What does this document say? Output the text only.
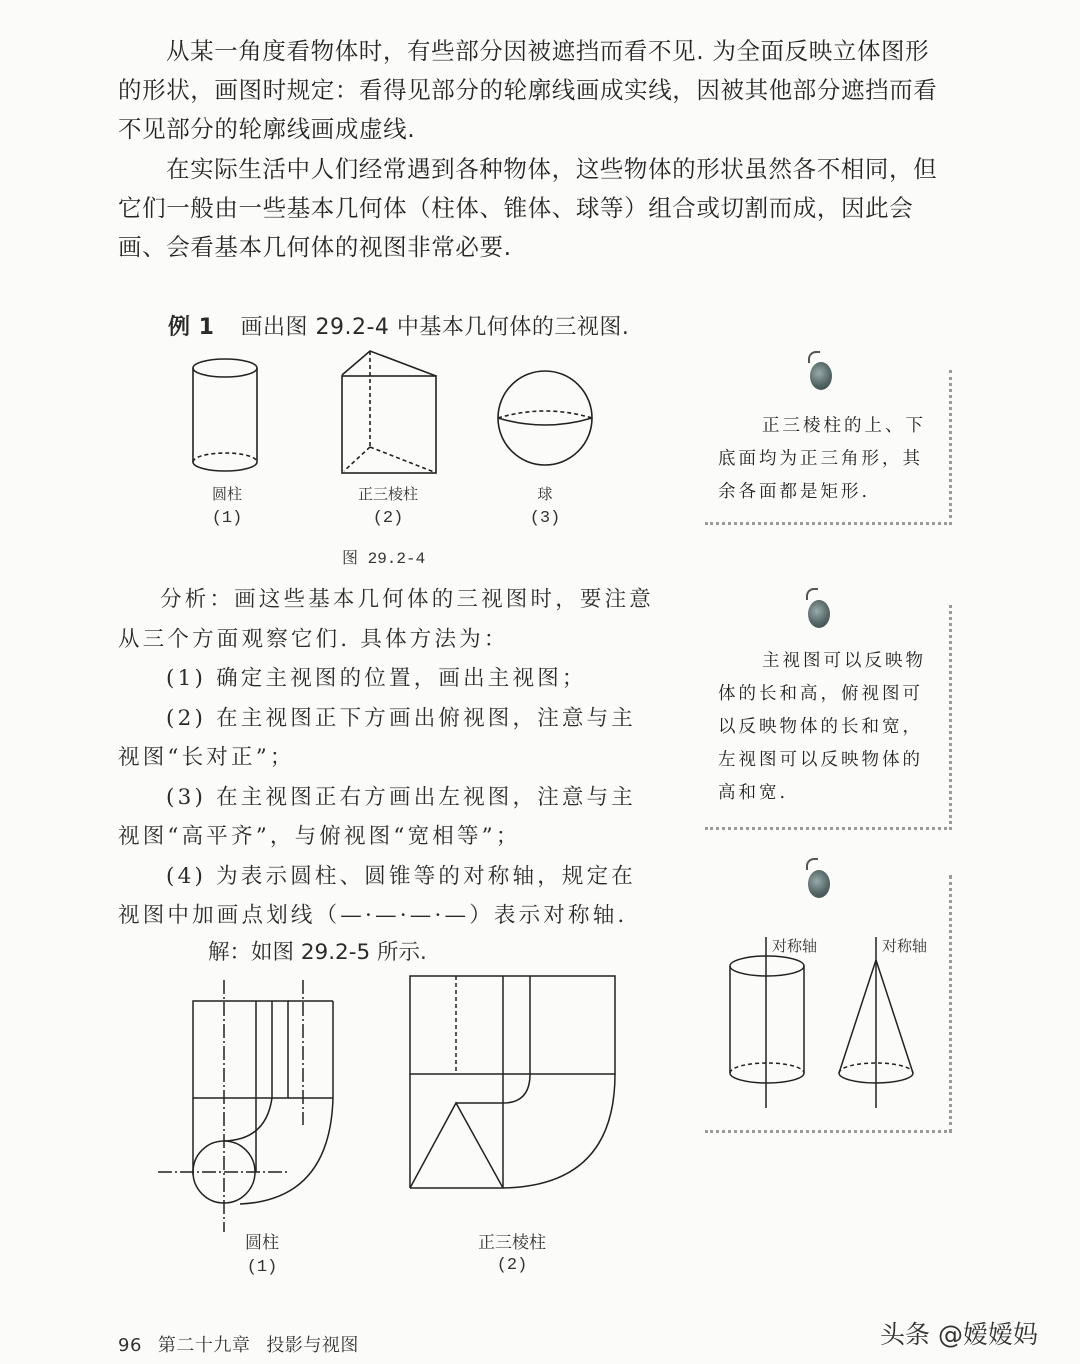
从某一角度看物体时，有些部分因被遮挡而看不见. 为全面反映立体图形
的形状，画图时规定：看得见部分的轮廓线画成实线，因被其他部分遮挡而看
不见部分的轮廓线画成虚线.
在实际生活中人们经常遇到各种物体，这些物体的形状虽然各不相同，但
它们一般由一些基本几何体（柱体、锥体、球等）组合或切割而成，因此会
画、会看基本几何体的视图非常必要.
例 1 画出图 29.2-4 中基本几何体的三视图.
圆柱
(1)
正三棱柱
(2)
球
(3)
图 29.2-4
分析：画这些基本几何体的三视图时，要注意
从三个方面观察它们. 具体方法为：
(1) 确定主视图的位置，画出主视图；
(2) 在主视图正下方画出俯视图，注意与主
视图“长对正”；
(3) 在主视图正右方画出左视图，注意与主
视图“高平齐”，与俯视图“宽相等”；
(4) 为表示圆柱、圆锥等的对称轴，规定在
视图中加画点划线（—·—·—·—）表示对称轴.
解：如图 29.2-5 所示.
正三棱柱的上、下
底面均为正三角形，其
余各面都是矩形.
主视图可以反映物
体的长和高，俯视图可
以反映物体的长和宽，
左视图可以反映物体的
高和宽.
对称轴	对称轴
圆柱
(1)
正三棱柱
(2)
96 第二十九章 投影与视图	头条 @嫒嫒妈
